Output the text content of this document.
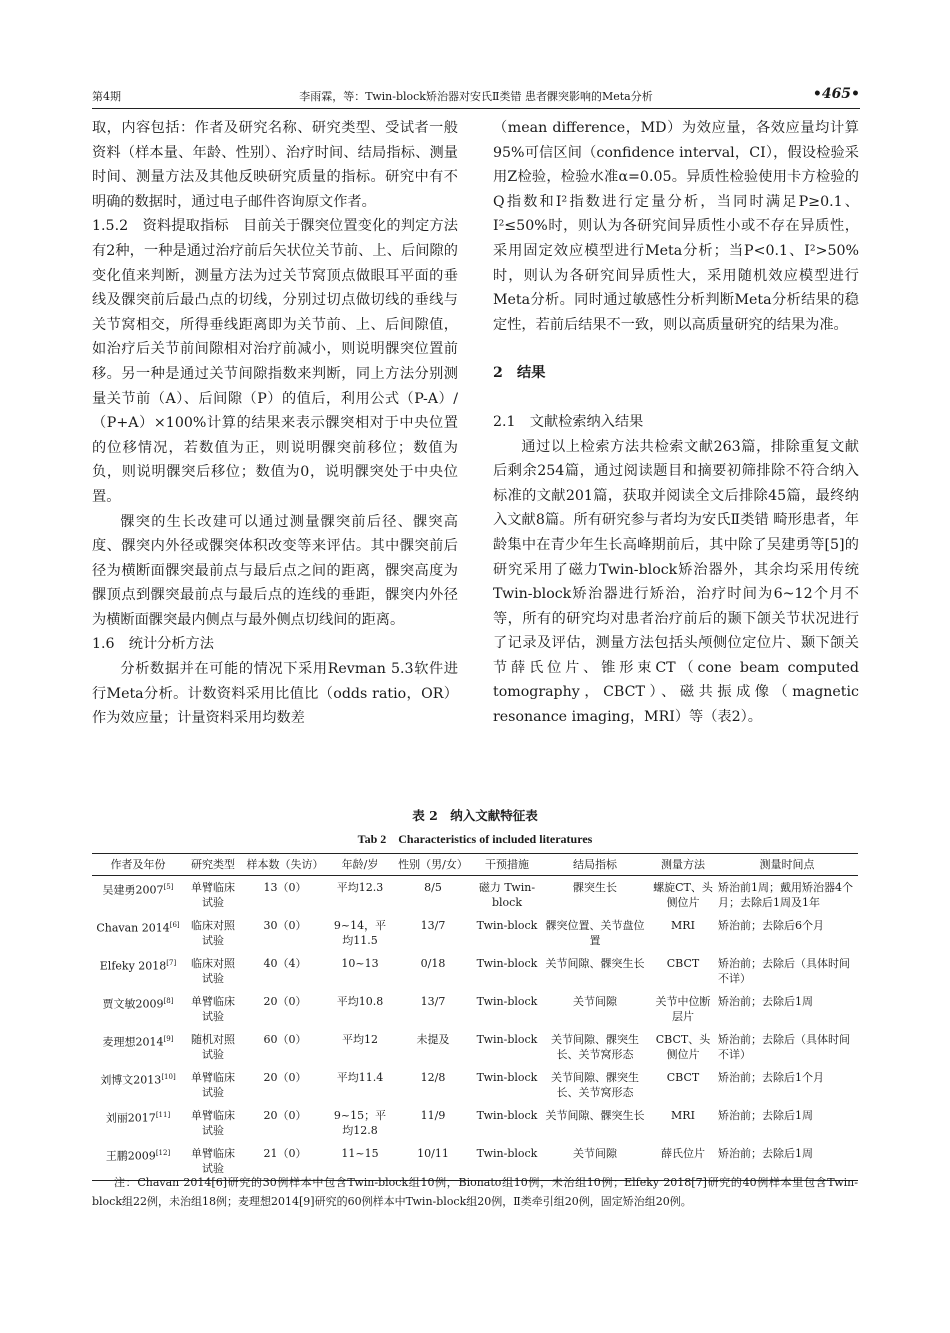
第4期	李雨霖，等：Twin-block矫治器对安氏Ⅱ类错 患者髁突影响的Meta分析	•465•

取，内容包括：作者及研究名称、研究类型、受试者一般资料（样本量、年龄、性别）、治疗时间、结局指标、测量时间、测量方法及其他反映研究质量的指标。研究中有不明确的数据时，通过电子邮件咨询原文作者。

1.5.2　资料提取指标　目前关于髁突位置变化的判定方法有2种，一种是通过治疗前后矢状位关节前、上、后间隙的变化值来判断，测量方法为过关节窝顶点做眼耳平面的垂线及髁突前后最凸点的切线，分别过切点做切线的垂线与关节窝相交，所得垂线距离即为关节前、上、后间隙值，如治疗后关节前间隙相对治疗前减小，则说明髁突位置前移。另一种是通过关节间隙指数来判断，同上方法分别测量关节前（A）、后间隙（P）的值后，利用公式（P-A）/（P+A）×100%计算的结果来表示髁突相对于中央位置的位移情况，若数值为正，则说明髁突前移位；数值为负，则说明髁突后移位；数值为0，说明髁突处于中央位置。

髁突的生长改建可以通过测量髁突前后径、髁突高度、髁突内外径或髁突体积改变等来评估。其中髁突前后径为横断面髁突最前点与最后点之间的距离，髁突高度为髁顶点到髁突最前点与最后点的连线的垂距，髁突内外径为横断面髁突最内侧点与最外侧点切线间的距离。

1.6　统计分析方法

分析数据并在可能的情况下采用Revman 5.3软件进行Meta分析。计数资料采用比值比（odds ratio，OR）作为效应量；计量资料采用均数差

（mean difference，MD）为效应量，各效应量均计算95%可信区间（confidence interval，CI），假设检验采用Z检验，检验水准α=0.05。异质性检验使用卡方检验的Q指数和I²指数进行定量分析，当同时满足P≥0.1、I²≤50%时，则认为各研究间异质性小或不存在异质性，采用固定效应模型进行Meta分析；当P<0.1、I²>50%时，则认为各研究间异质性大，采用随机效应模型进行Meta分析。同时通过敏感性分析判断Meta分析结果的稳定性，若前后结果不一致，则以高质量研究的结果为准。

2　结果

2.1　文献检索纳入结果

通过以上检索方法共检索文献263篇，排除重复文献后剩余254篇，通过阅读题目和摘要初筛排除不符合纳入标准的文献201篇，获取并阅读全文后排除45篇，最终纳入文献8篇。所有研究参与者均为安氏Ⅱ类错 畸形患者，年龄集中在青少年生长高峰期前后，其中除了吴建勇等[5]的研究采用了磁力Twin-block矫治器外，其余均采用传统Twin-block矫治器进行矫治，治疗时间为6~12个月不等，所有的研究均对患者治疗前后的颞下颌关节状况进行了记录及评估，测量方法包括头颅侧位定位片、颞下颌关节薛氏位片、锥形束CT（cone beam computed tomography，CBCT）、磁共振成像（magnetic resonance imaging，MRI）等（表2）。

表 2　纳入文献特征表
Tab 2　Characteristics of included literatures
作者及年份	研究类型	样本数（失访）	年龄/岁	性别（男/女）	干预措施	结局指标	测量方法	测量时间点
吴建勇2007[5]	单臂临床试验	13（0）	平均12.3	8/5	磁力 Twin-block	髁突生长	螺旋CT、头侧位片	矫治前1周；戴用矫治器4个月；去除后1周及1年
Chavan 2014[6]	临床对照试验	30（0）	9~14，平均11.5	13/7	Twin-block	髁突位置、关节盘位置	MRI	矫治前；去除后6个月
Elfeky 2018[7]	临床对照试验	40（4）	10~13	0/18	Twin-block	关节间隙、髁突生长	CBCT	矫治前；去除后（具体时间不详）
贾文敏2009[8]	单臂临床试验	20（0）	平均10.8	13/7	Twin-block	关节间隙	关节中位断层片	矫治前；去除后1周
麦理想2014[9]	随机对照试验	60（0）	平均12	未提及	Twin-block	关节间隙、髁突生长、关节窝形态	CBCT、头侧位片	矫治前；去除后（具体时间不详）
刘博文2013[10]	单臂临床试验	20（0）	平均11.4	12/8	Twin-block	关节间隙、髁突生长、关节窝形态	CBCT	矫治前；去除后1个月
刘丽2017[11]	单臂临床试验	20（0）	9~15；平均12.8	11/9	Twin-block	关节间隙、髁突生长	MRI	矫治前；去除后1周
王鹏2009[12]	单臂临床试验	21（0）	11~15	10/11	Twin-block	关节间隙	薛氏位片	矫治前；去除后1周
注：Chavan 2014[6]研究的30例样本中包含Twin-block组10例，Bionato组10例，未治组10例；Elfeky 2018[7]研究的40例样本里包含Twin-block组22例，未治组18例；麦理想2014[9]研究的60例样本中Twin-block组20例，Ⅱ类牵引组20例，固定矫治组20例。
